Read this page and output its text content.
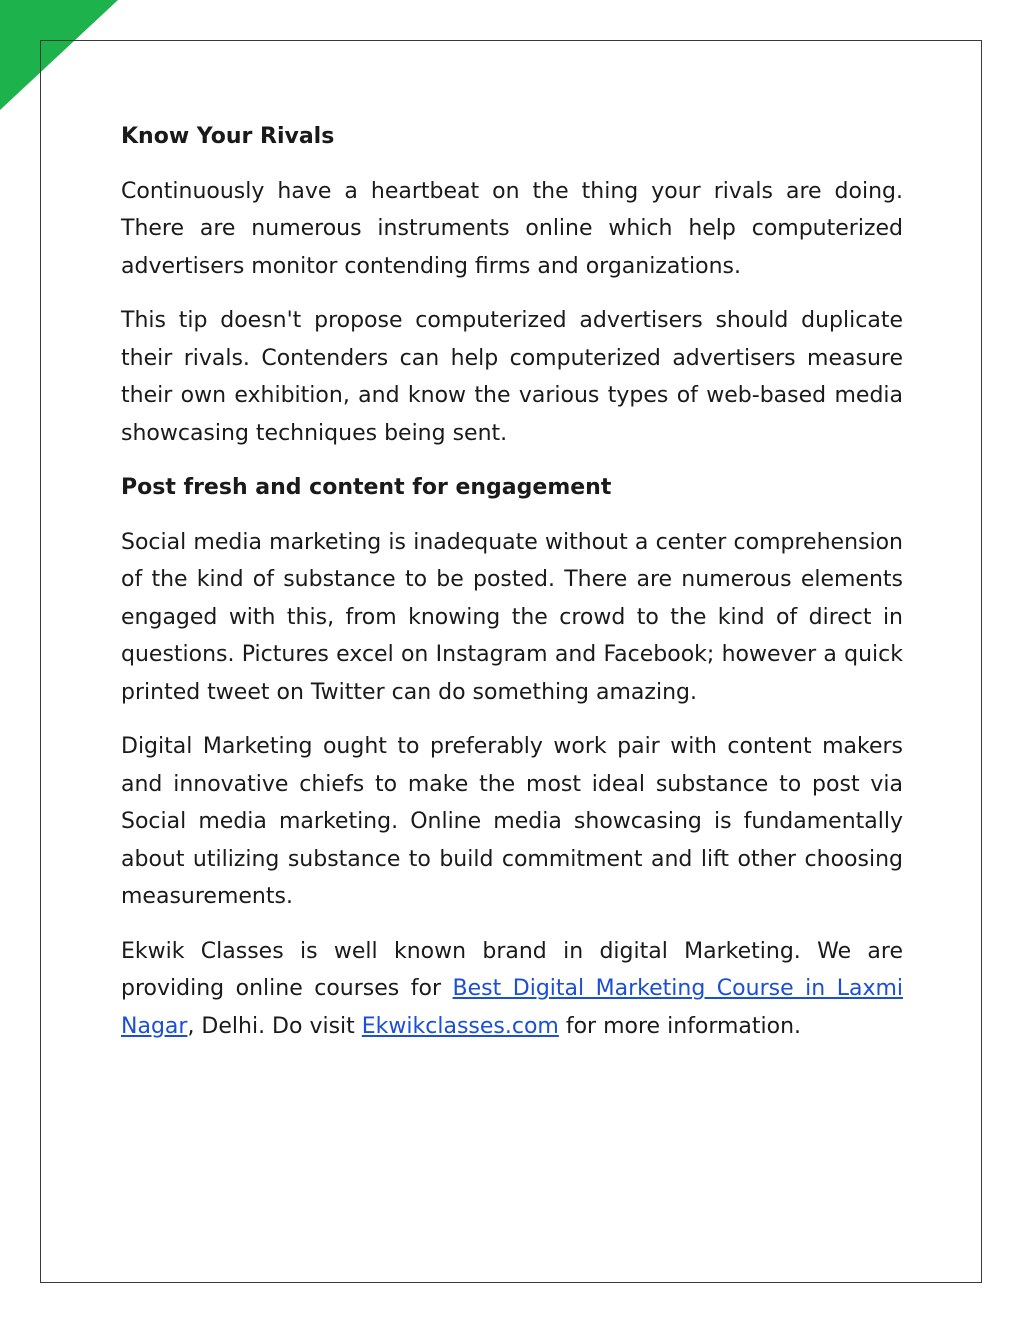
Know Your Rivals

Continuously have a heartbeat on the thing your rivals are doing. There are numerous instruments online which help computerized advertisers monitor contending firms and organizations.

This tip doesn't propose computerized advertisers should duplicate their rivals. Contenders can help computerized advertisers measure their own exhibition, and know the various types of web-based media showcasing techniques being sent.

Post fresh and content for engagement

Social media marketing is inadequate without a center comprehension of the kind of substance to be posted. There are numerous elements engaged with this, from knowing the crowd to the kind of direct in questions. Pictures excel on Instagram and Facebook; however a quick printed tweet on Twitter can do something amazing.

Digital Marketing ought to preferably work pair with content makers and innovative chiefs to make the most ideal substance to post via Social media marketing. Online media showcasing is fundamentally about utilizing substance to build commitment and lift other choosing measurements.

Ekwik Classes is well known brand in digital Marketing. We are providing online courses for Best Digital Marketing Course in Laxmi Nagar, Delhi. Do visit Ekwikclasses.com for more information.
